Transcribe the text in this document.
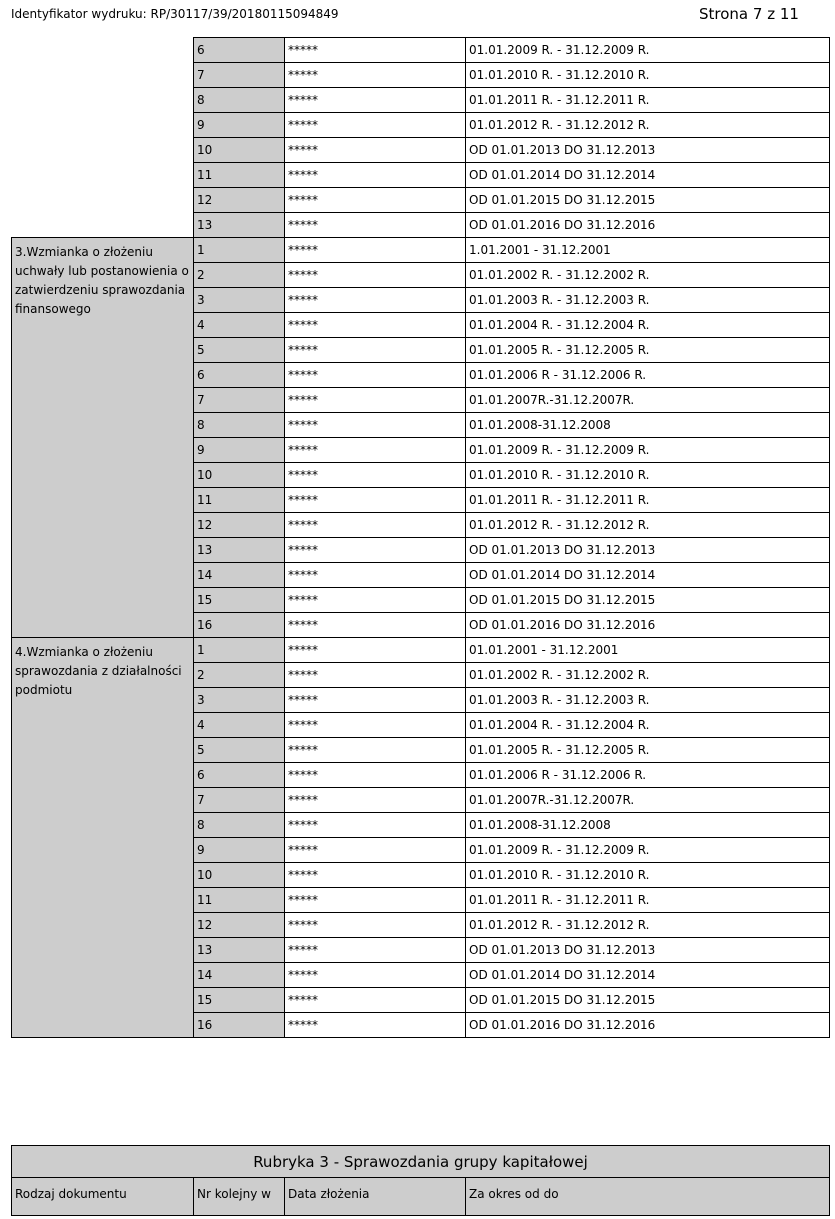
Identyfikator wydruku: RP/30117/39/20180115094849	Strona 7 z 11
	6	*****	01.01.2009 R. - 31.12.2009 R.
	7	*****	01.01.2010 R. - 31.12.2010 R.
	8	*****	01.01.2011 R. - 31.12.2011 R.
	9	*****	01.01.2012 R. - 31.12.2012 R.
	10	*****	OD 01.01.2013 DO 31.12.2013
	11	*****	OD 01.01.2014 DO 31.12.2014
	12	*****	OD 01.01.2015 DO 31.12.2015
	13	*****	OD 01.01.2016 DO 31.12.2016
3.Wzmianka o złożeniu uchwały lub postanowienia o zatwierdzeniu sprawozdania finansowego	1	*****	1.01.2001 - 31.12.2001
	2	*****	01.01.2002 R. - 31.12.2002 R.
	3	*****	01.01.2003 R. - 31.12.2003 R.
	4	*****	01.01.2004 R. - 31.12.2004 R.
	5	*****	01.01.2005 R. - 31.12.2005 R.
	6	*****	01.01.2006 R - 31.12.2006 R.
	7	*****	01.01.2007R.-31.12.2007R.
	8	*****	01.01.2008-31.12.2008
	9	*****	01.01.2009 R. - 31.12.2009 R.
	10	*****	01.01.2010 R. - 31.12.2010 R.
	11	*****	01.01.2011 R. - 31.12.2011 R.
	12	*****	01.01.2012 R. - 31.12.2012 R.
	13	*****	OD 01.01.2013 DO 31.12.2013
	14	*****	OD 01.01.2014 DO 31.12.2014
	15	*****	OD 01.01.2015 DO 31.12.2015
	16	*****	OD 01.01.2016 DO 31.12.2016
4.Wzmianka o złożeniu sprawozdania z działalności podmiotu	1	*****	01.01.2001 - 31.12.2001
	2	*****	01.01.2002 R. - 31.12.2002 R.
	3	*****	01.01.2003 R. - 31.12.2003 R.
	4	*****	01.01.2004 R. - 31.12.2004 R.
	5	*****	01.01.2005 R. - 31.12.2005 R.
	6	*****	01.01.2006 R - 31.12.2006 R.
	7	*****	01.01.2007R.-31.12.2007R.
	8	*****	01.01.2008-31.12.2008
	9	*****	01.01.2009 R. - 31.12.2009 R.
	10	*****	01.01.2010 R. - 31.12.2010 R.
	11	*****	01.01.2011 R. - 31.12.2011 R.
	12	*****	01.01.2012 R. - 31.12.2012 R.
	13	*****	OD 01.01.2013 DO 31.12.2013
	14	*****	OD 01.01.2014 DO 31.12.2014
	15	*****	OD 01.01.2015 DO 31.12.2015
	16	*****	OD 01.01.2016 DO 31.12.2016
Rubryka 3 - Sprawozdania grupy kapitałowej
Rodzaj dokumentu	Nr kolejny w	Data złożenia	Za okres od do
